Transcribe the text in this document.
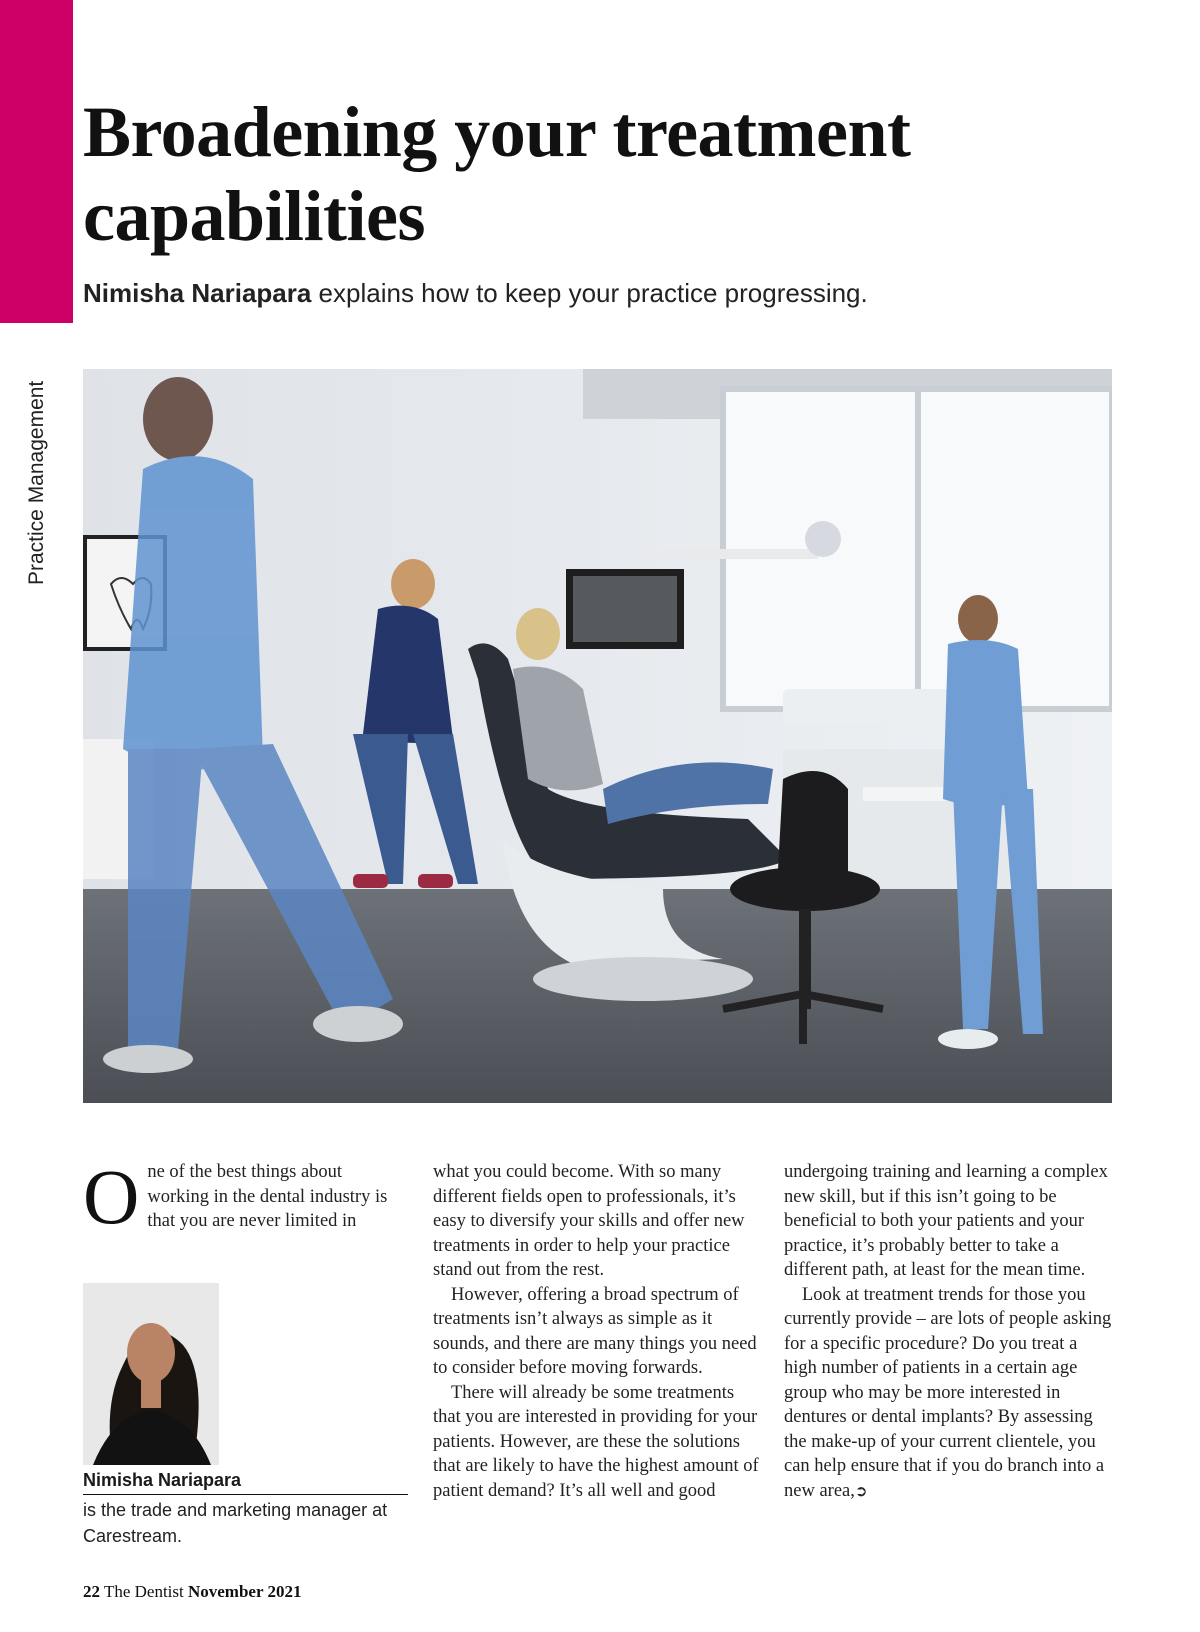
Practice Management
Broadening your treatment capabilities
Nimisha Nariapara explains how to keep your practice progressing.

One of the best things about working in the dental industry is that you are never limited in

Nimisha Nariapara
is the trade and marketing manager at Carestream.

what you could become. With so many different fields open to professionals, it’s easy to diversify your skills and offer new treatments in order to help your practice stand out from the rest.

However, offering a broad spectrum of treatments isn’t always as simple as it sounds, and there are many things you need to consider before moving forwards.

There will already be some treatments that you are interested in providing for your patients. However, are these the solutions that are likely to have the highest amount of patient demand? It’s all well and good

undergoing training and learning a complex new skill, but if this isn’t going to be beneficial to both your patients and your practice, it’s probably better to take a different path, at least for the mean time.

Look at treatment trends for those you currently provide – are lots of people asking for a specific procedure? Do you treat a high number of patients in a certain age group who may be more interested in dentures or dental implants? By assessing the make-up of your current clientele, you can help ensure that if you do branch into a new area,➲

22 The Dentist November 2021
